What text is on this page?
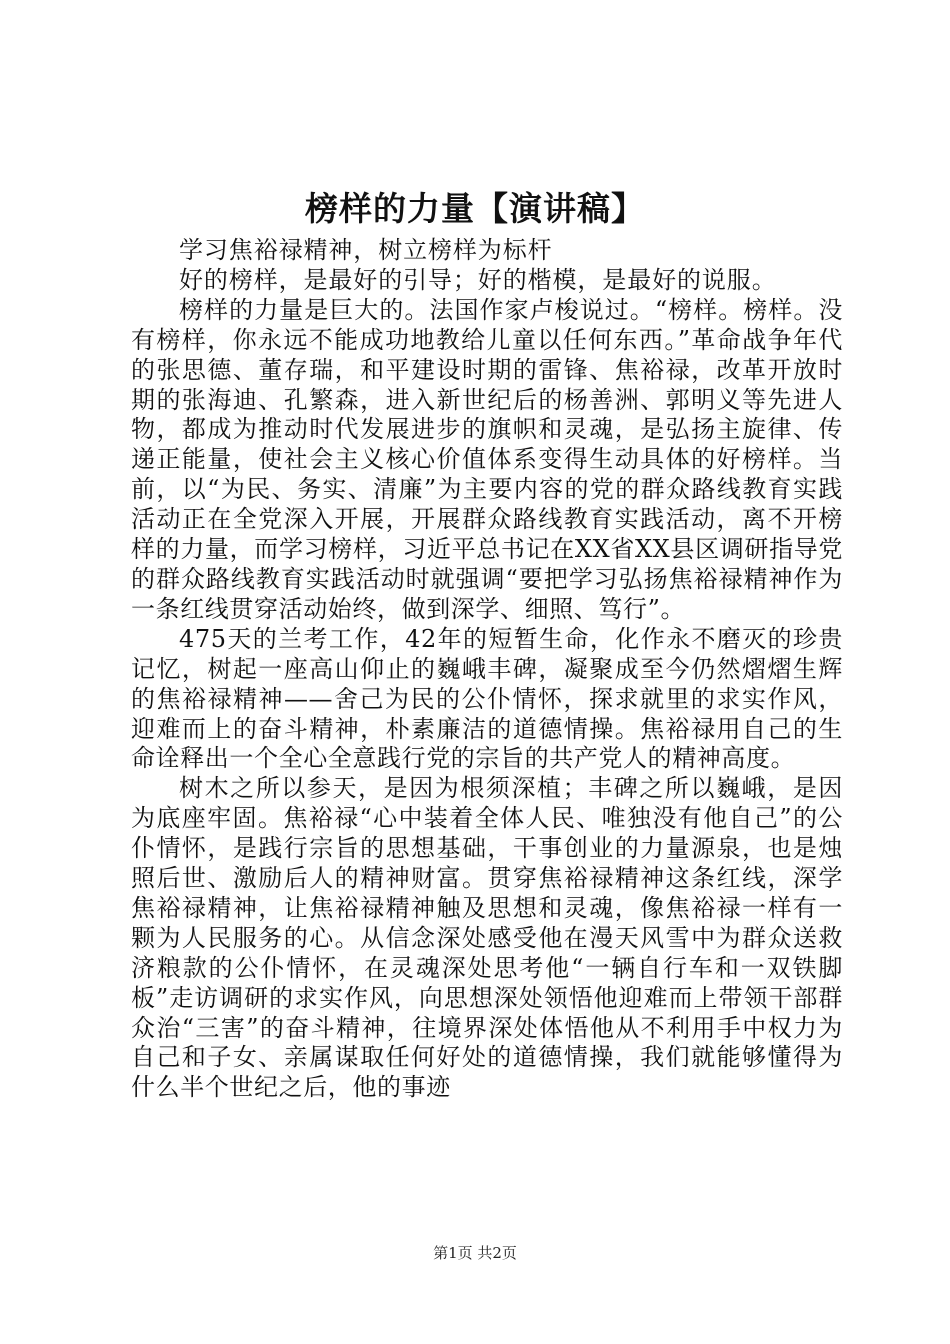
榜样的力量【演讲稿】

学习焦裕禄精神，树立榜样为标杆

好的榜样，是最好的引导；好的楷模，是最好的说服。

榜样的力量是巨大的。法国作家卢梭说过。“榜样。榜样。没有榜样，你永远不能成功地教给儿童以任何东西。”革命战争年代的张思德、董存瑞，和平建设时期的雷锋、焦裕禄，改革开放时期的张海迪、孔繁森，进入新世纪后的杨善洲、郭明义等先进人物，都成为推动时代发展进步的旗帜和灵魂，是弘扬主旋律、传递正能量，使社会主义核心价值体系变得生动具体的好榜样。当前，以“为民、务实、清廉”为主要内容的党的群众路线教育实践活动正在全党深入开展，开展群众路线教育实践活动，离不开榜样的力量，而学习榜样，习近平总书记在XX省XX县区调研指导党的群众路线教育实践活动时就强调“要把学习弘扬焦裕禄精神作为一条红线贯穿活动始终，做到深学、细照、笃行”。

475天的兰考工作，42年的短暂生命，化作永不磨灭的珍贵记忆，树起一座高山仰止的巍峨丰碑，凝聚成至今仍然熠熠生辉的焦裕禄精神——舍己为民的公仆情怀，探求就里的求实作风，迎难而上的奋斗精神，朴素廉洁的道德情操。焦裕禄用自己的生命诠释出一个全心全意践行党的宗旨的共产党人的精神高度。

树木之所以参天，是因为根须深植；丰碑之所以巍峨，是因为底座牢固。焦裕禄“心中装着全体人民、唯独没有他自己”的公仆情怀，是践行宗旨的思想基础，干事创业的力量源泉，也是烛照后世、激励后人的精神财富。贯穿焦裕禄精神这条红线，深学焦裕禄精神，让焦裕禄精神触及思想和灵魂，像焦裕禄一样有一颗为人民服务的心。从信念深处感受他在漫天风雪中为群众送救济粮款的公仆情怀，在灵魂深处思考他“一辆自行车和一双铁脚板”走访调研的求实作风，向思想深处领悟他迎难而上带领干部群众治“三害”的奋斗精神，往境界深处体悟他从不利用手中权力为自己和子女、亲属谋取任何好处的道德情操，我们就能够懂得为什么半个世纪之后，他的事迹

第1页 共2页
